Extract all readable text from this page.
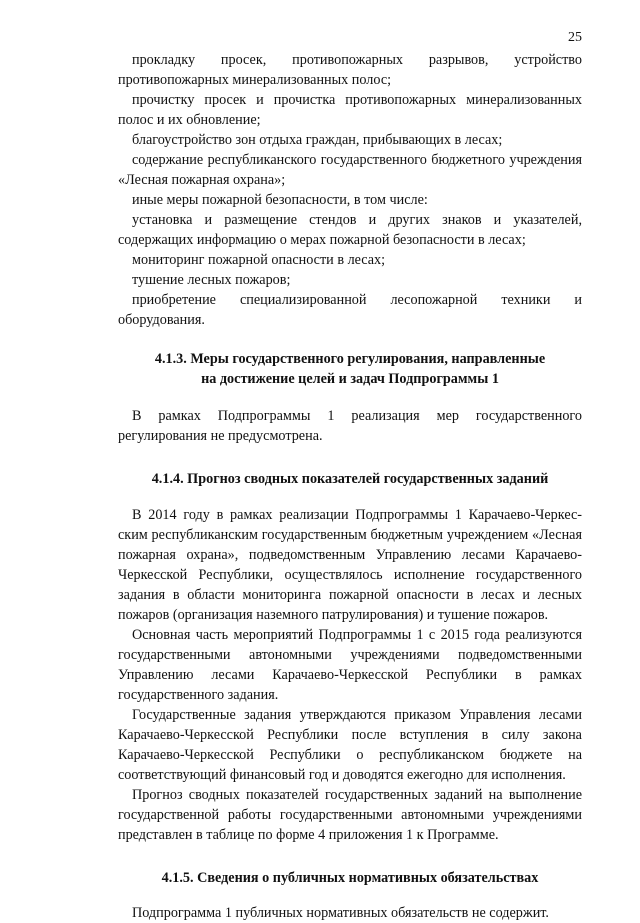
25

прокладку просек, противопожарных разрывов, устройство противопожарных минерализованных полос;

прочистку просек и прочистка противопожарных минерализованных полос и их обновление;

благоустройство зон отдыха граждан, прибывающих в лесах;

содержание республиканского государственного бюджетного учреждения «Лесная пожарная охрана»;

иные меры пожарной безопасности, в том числе:

установка и размещение стендов и других знаков и указателей, содержащих информацию о мерах пожарной безопасности в лесах;

мониторинг пожарной опасности в лесах;

тушение лесных пожаров;

приобретение специализированной лесопожарной техники и оборудования.

4.1.3. Меры государственного регулирования, направленные
на достижение целей и задач Подпрограммы 1

В рамках Подпрограммы 1 реализация мер государственного регулирования не предусмотрена.

4.1.4. Прогноз сводных показателей государственных заданий

В 2014 году в рамках реализации Подпрограммы 1 Карачаево-Черкес-ским республиканским государственным бюджетным учреждением «Лесная пожарная охрана», подведомственным Управлению лесами Карачаево-Черкесской Республики, осуществлялось исполнение государственного задания в области мониторинга пожарной опасности в лесах и лесных пожаров (организация наземного патрулирования) и тушение пожаров.

Основная часть мероприятий Подпрограммы 1 с 2015 года реализуются государственными автономными учреждениями подведомственными Управлению лесами Карачаево-Черкесской Республики в рамках государственного задания.

Государственные задания утверждаются приказом Управления лесами Карачаево-Черкесской Республики после вступления в силу закона Карачаево-Черкесской Республики о республиканском бюджете на соответствующий финансовый год и доводятся ежегодно для исполнения.

Прогноз сводных показателей государственных заданий на выполнение государственной работы государственными автономными учреждениями представлен в таблице по форме 4 приложения 1 к Программе.

4.1.5. Сведения о публичных нормативных обязательствах

Подпрограмма 1 публичных нормативных обязательств не содержит.
